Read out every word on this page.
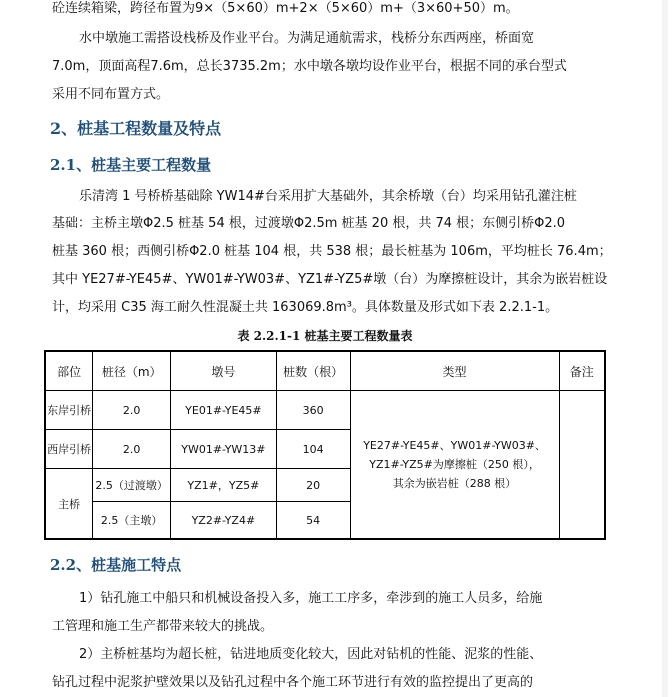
砼连续箱梁，跨径布置为9×（5×60）m+2×（5×60）m+（3×60+50）m。
水中墩施工需搭设栈桥及作业平台。为满足通航需求，栈桥分东西两座，桥面宽
7.0m，顶面高程7.6m，总长3735.2m；水中墩各墩均设作业平台，根据不同的承台型式
采用不同布置方式。
2、桩基工程数量及特点
2.1、桩基主要工程数量
乐清湾 1 号桥桥基础除 YW14#台采用扩大基础外，其余桥墩（台）均采用钻孔灌注桩
基础：主桥主墩Φ2.5 桩基 54 根，过渡墩Φ2.5m 桩基 20 根，共 74 根；东侧引桥Φ2.0
桩基 360 根；西侧引桥Φ2.0 桩基 104 根，共 538 根；最长桩基为 106m，平均桩长 76.4m；
其中 YE27#-YE45#、YW01#-YW03#、YZ1#-YZ5#墩（台）为摩擦桩设计，其余为嵌岩桩设
计，均采用 C35 海工耐久性混凝土共 163069.8m³。具体数量及形式如下表 2.2.1-1。
表 2.2.1-1 桩基主要工程数量表
部位	桩径（m）	墩号	桩数（根）	类型	备注
东岸引桥	2.0	YE01#-YE45#	360	YE27#-YE45#、YW01#-YW03#、
YZ1#-YZ5#为摩擦桩（250 根），
其余为嵌岩桩（288 根）	

西岸引桥	2.0	YW01#-YW13#	104		
主桥	2.5（过渡墩）	YZ1#，YZ5#	20		
	2.5（主墩）	YZ2#-YZ4#	54		
2.2、桩基施工特点
1）钻孔施工中船只和机械设备投入多，施工工序多，牵涉到的施工人员多，给施
工管理和施工生产都带来较大的挑战。
2）主桥桩基均为超长桩，钻进地质变化较大，因此对钻机的性能、泥浆的性能、
钻孔过程中泥浆护壁效果以及钻孔过程中各个施工环节进行有效的监控提出了更高的
